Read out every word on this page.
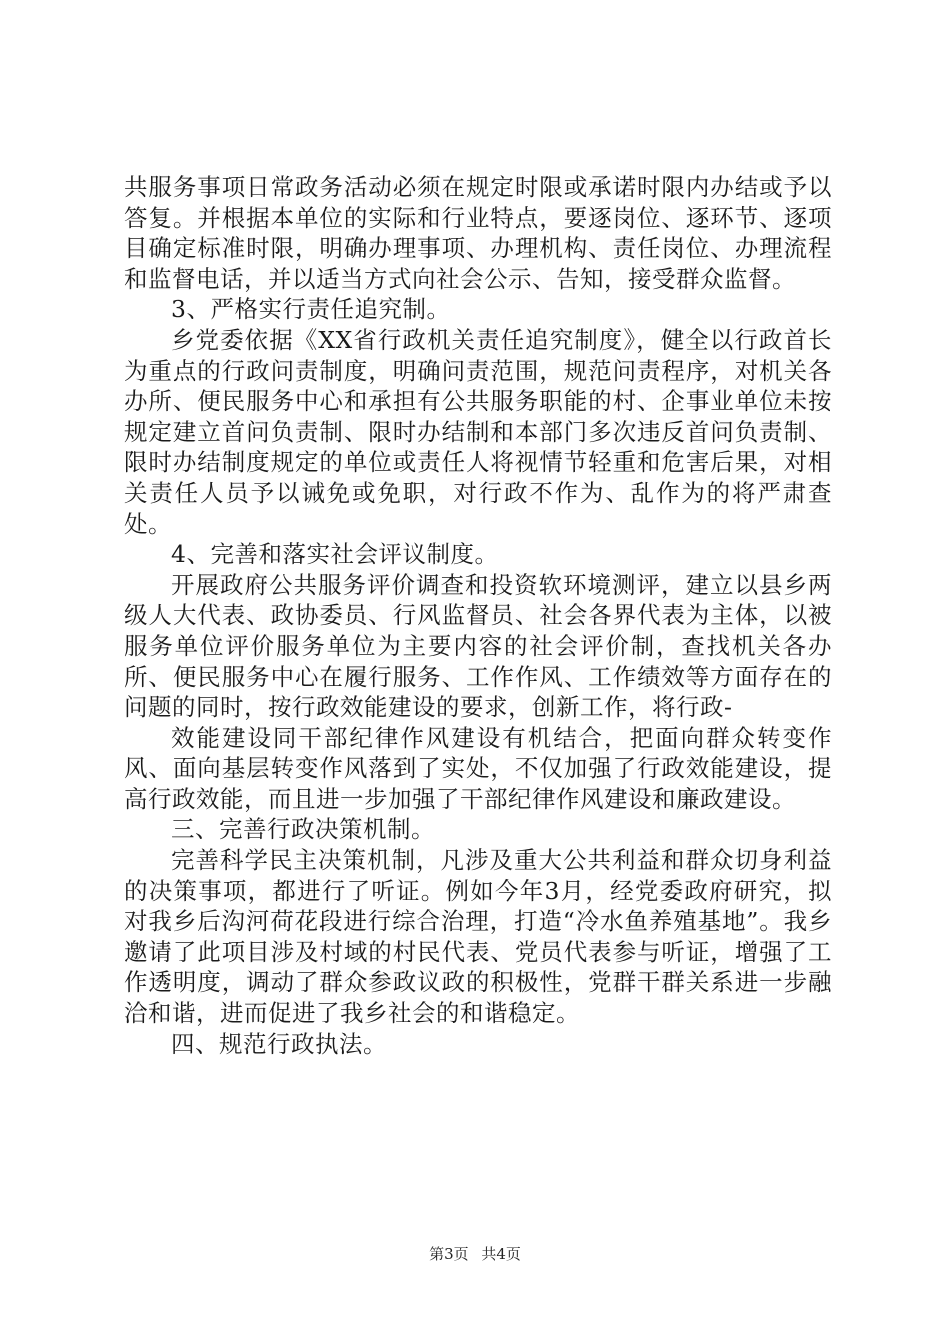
共服务事项日常政务活动必须在规定时限或承诺时限内办结或予以答复。并根据本单位的实际和行业特点，要逐岗位、逐环节、逐项目确定标准时限，明确办理事项、办理机构、责任岗位、办理流程和监督电话，并以适当方式向社会公示、告知，接受群众监督。

3、严格实行责任追究制。

乡党委依据《XX省行政机关责任追究制度》，健全以行政首长为重点的行政问责制度，明确问责范围，规范问责程序，对机关各办所、便民服务中心和承担有公共服务职能的村、企事业单位未按规定建立首问负责制、限时办结制和本部门多次违反首问负责制、限时办结制度规定的单位或责任人将视情节轻重和危害后果，对相关责任人员予以诫免或免职，对行政不作为、乱作为的将严肃查处。

4、完善和落实社会评议制度。

开展政府公共服务评价调查和投资软环境测评，建立以县乡两级人大代表、政协委员、行风监督员、社会各界代表为主体，以被服务单位评价服务单位为主要内容的社会评价制，查找机关各办所、便民服务中心在履行服务、工作作风、工作绩效等方面存在的问题的同时，按行政效能建设的要求，创新工作，将行政-

效能建设同干部纪律作风建设有机结合，把面向群众转变作风、面向基层转变作风落到了实处，不仅加强了行政效能建设，提高行政效能，而且进一步加强了干部纪律作风建设和廉政建设。

三、完善行政决策机制。

完善科学民主决策机制，凡涉及重大公共利益和群众切身利益的决策事项，都进行了听证。例如今年3月，经党委政府研究，拟对我乡后沟河荷花段进行综合治理，打造“冷水鱼养殖基地”。我乡邀请了此项目涉及村域的村民代表、党员代表参与听证，增强了工作透明度，调动了群众参政议政的积极性，党群干群关系进一步融洽和谐，进而促进了我乡社会的和谐稳定。

四、规范行政执法。

第3页 共4页
